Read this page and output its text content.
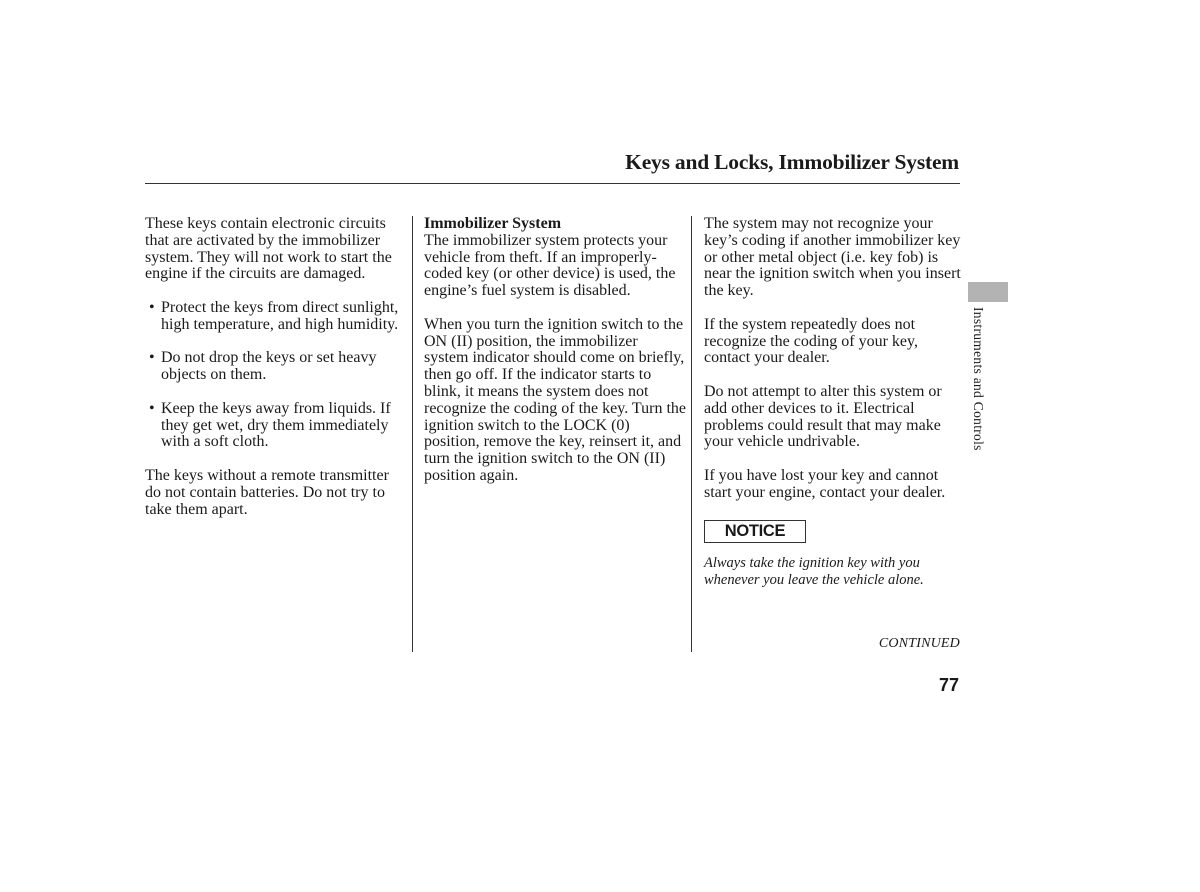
Keys and Locks, Immobilizer System

These keys contain electronic circuits that are activated by the immobilizer system. They will not work to start the engine if the circuits are damaged.

• Protect the keys from direct sunlight, high temperature, and high humidity.
• Do not drop the keys or set heavy objects on them.
• Keep the keys away from liquids. If they get wet, dry them immediately with a soft cloth.

The keys without a remote transmitter do not contain batteries. Do not try to take them apart.

Immobilizer System
The immobilizer system protects your vehicle from theft. If an improperly-coded key (or other device) is used, the engine’s fuel system is disabled.

When you turn the ignition switch to the ON (II) position, the immobilizer system indicator should come on briefly, then go off. If the indicator starts to blink, it means the system does not recognize the coding of the key. Turn the ignition switch to the LOCK (0) position, remove the key, reinsert it, and turn the ignition switch to the ON (II) position again.

The system may not recognize your key’s coding if another immobilizer key or other metal object (i.e. key fob) is near the ignition switch when you insert the key.

If the system repeatedly does not recognize the coding of your key, contact your dealer.

Do not attempt to alter this system or add other devices to it. Electrical problems could result that may make your vehicle undrivable.

If you have lost your key and cannot start your engine, contact your dealer.

NOTICE

Always take the ignition key with you whenever you leave the vehicle alone.

CONTINUED

77

Instruments and Controls
